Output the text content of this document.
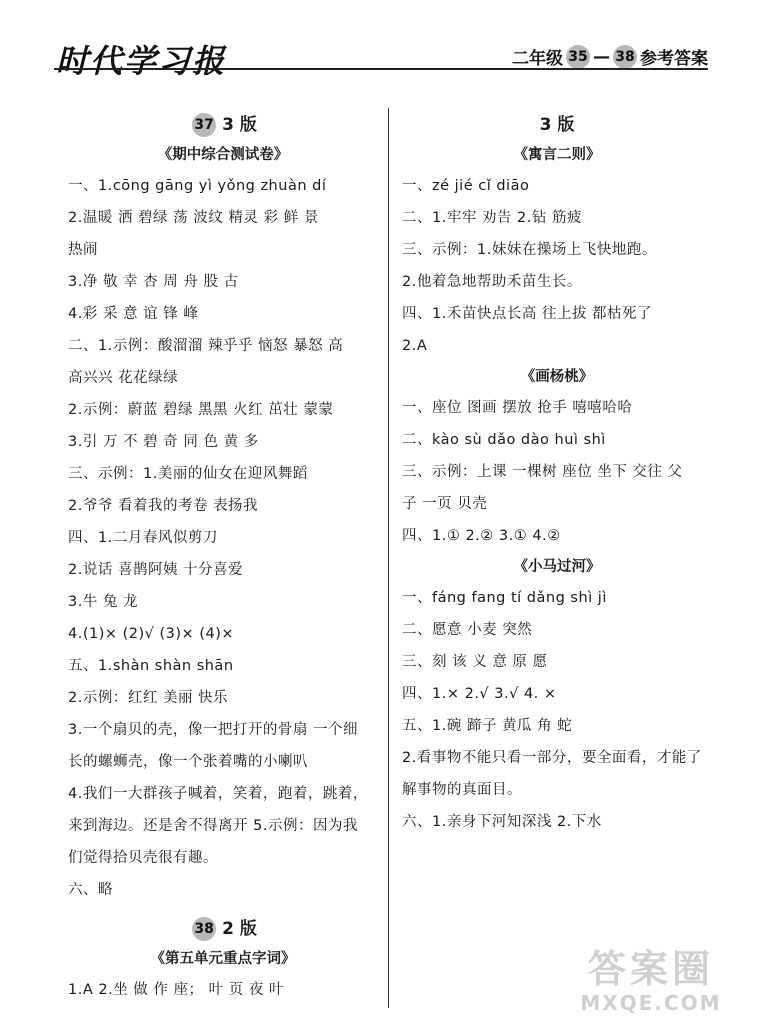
时代学习报	二年级 35 — 38 参考答案
37 3 版
《期中综合测试卷》
一、1.cōng gāng yì yǒng zhuàn dí
2.温暖 洒 碧绿 荡 波纹 精灵 彩 鲜 景
热闹
3.净 敬 幸 杏 周 舟 股 古
4.彩 采 意 谊 锋 峰
二、1.示例：酸溜溜 辣乎乎 恼怒 暴怒 高
高兴兴 花花绿绿
2.示例：蔚蓝 碧绿 黑黑 火红 茁壮 蒙蒙
3.引 万 不 碧 奇 同 色 黄 多
三、示例：1.美丽的仙女在迎风舞蹈
2.爷爷 看着我的考卷 表扬我
四、1.二月春风似剪刀
2.说话 喜鹊阿姨 十分喜爱
3.牛 兔 龙
4.(1)× (2)√ (3)× (4)×
五、1.shàn shàn shān
2.示例：红红 美丽 快乐
3.一个扇贝的壳，像一把打开的骨扇 一个细
长的螺蛳壳，像一个张着嘴的小喇叭
4.我们一大群孩子喊着，笑着，跑着，跳着，
来到海边。还是舍不得离开 5.示例：因为我
们觉得拾贝壳很有趣。
六、略
38 2 版
《第五单元重点字词》
1.A 2.坐 做 作 座； 叶 页 夜 叶
3 版
《寓言二则》
一、zé jié cǐ diāo
二、1.牢牢 劝告 2.钻 筋疲
三、示例：1.妹妹在操场上飞快地跑。
2.他着急地帮助禾苗生长。
四、1.禾苗快点长高 往上拔 都枯死了
2.A
《画杨桃》
一、座位 图画 摆放 抢手 嘻嘻哈哈
二、kào sù dǎo dào huì shì
三、示例：上课 一棵树 座位 坐下 交往 父
子 一页 贝壳
四、1.① 2.② 3.① 4.②
《小马过河》
一、fáng fang tí dǎng shì jì
二、愿意 小麦 突然
三、刻 该 义 意 原 愿
四、1.× 2.√ 3.√ 4. ×
五、1.碗 蹄子 黄瓜 角 蛇
2.看事物不能只看一部分，要全面看，才能了
解事物的真面目。
六、1.亲身下河知深浅 2.下水
答案圈
MXQE.COM
